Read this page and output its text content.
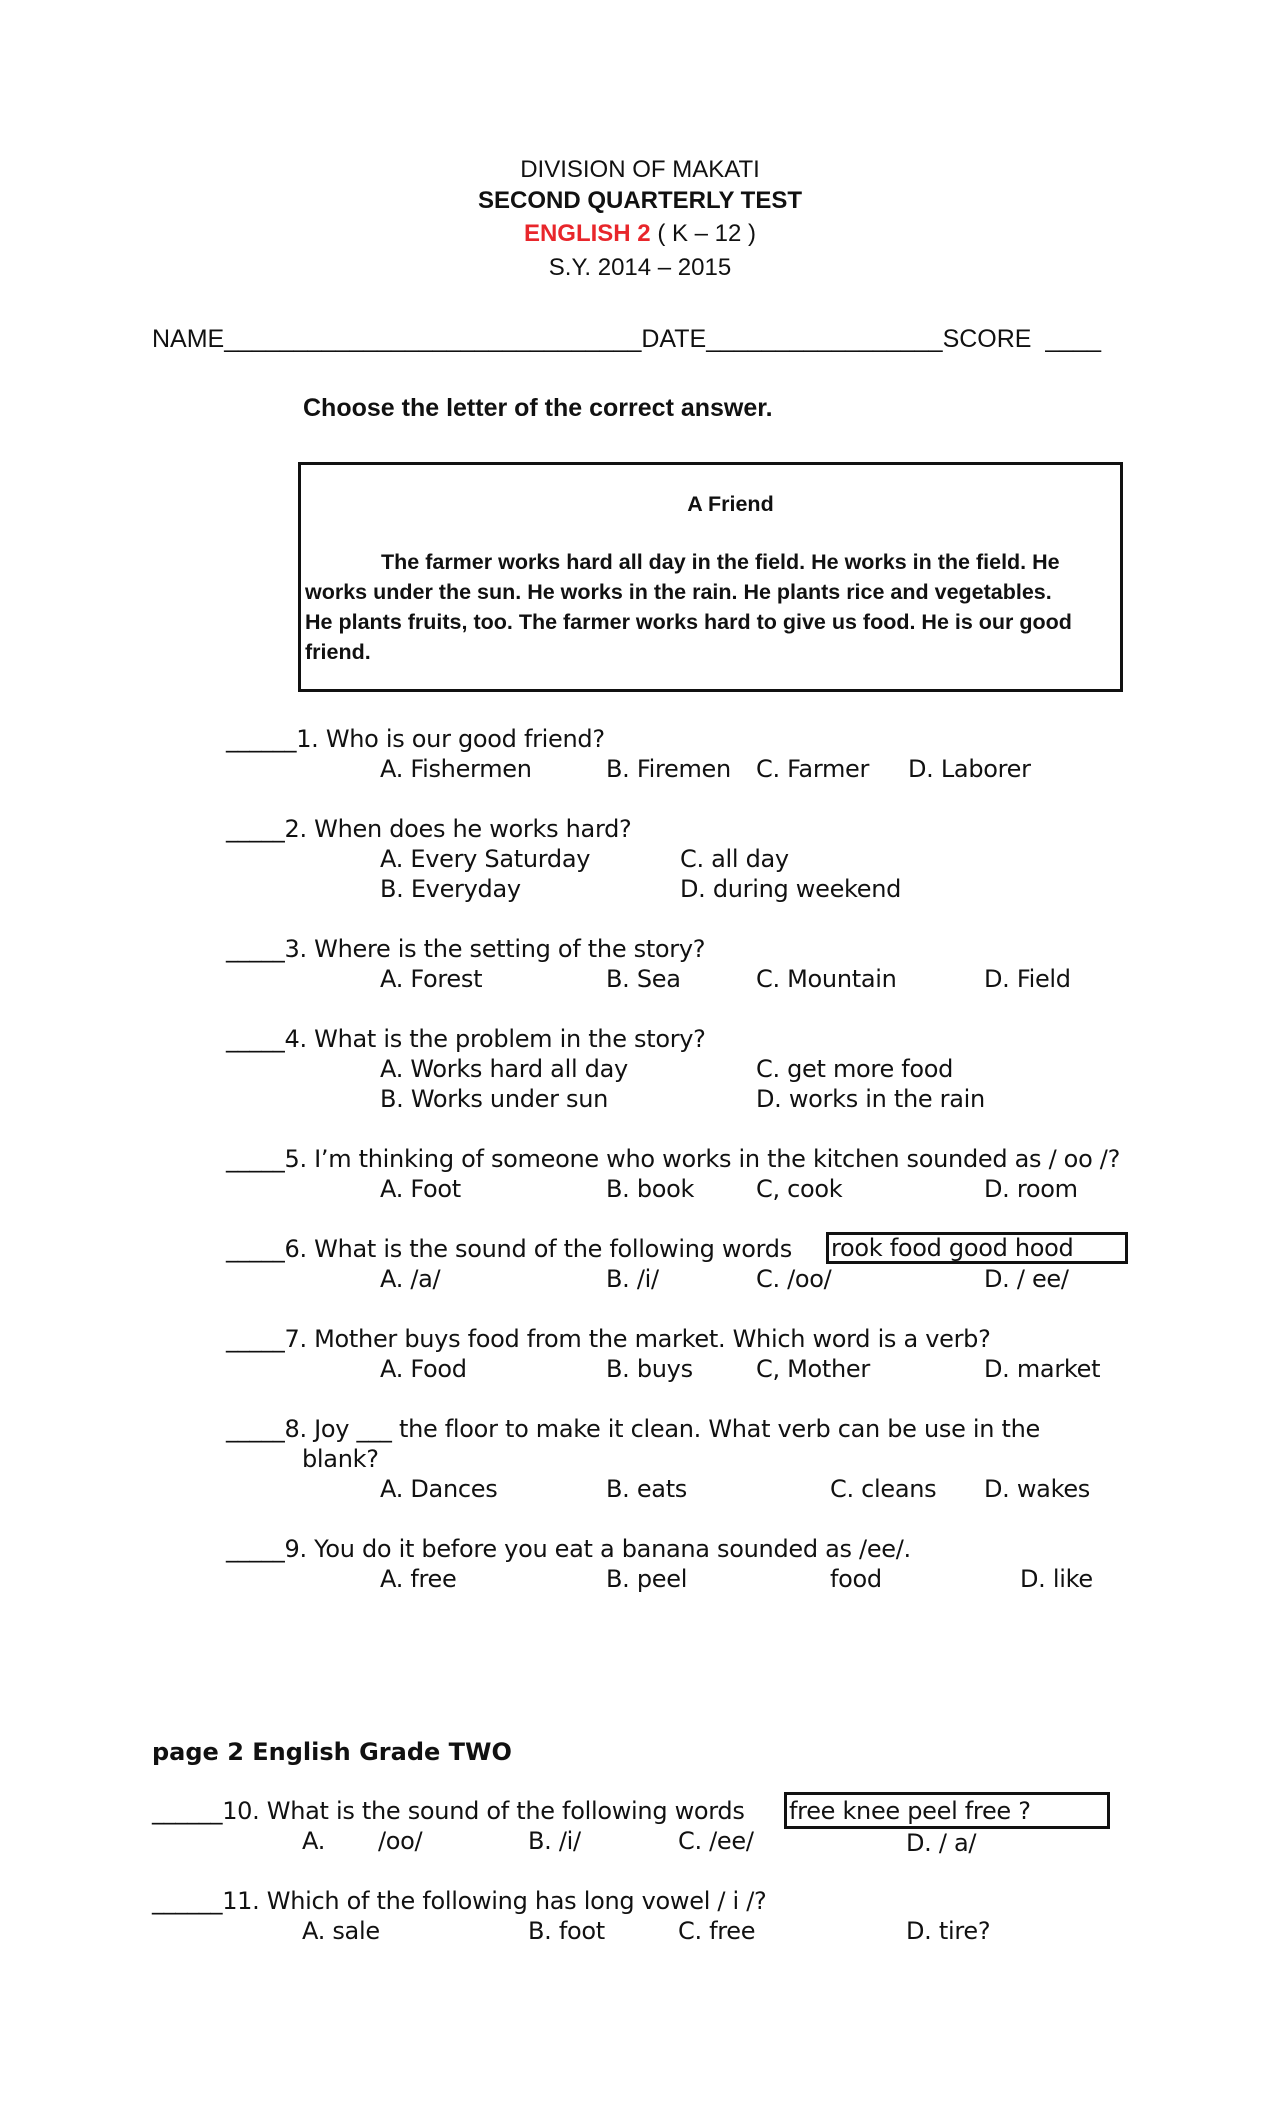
DIVISION OF MAKATI
SECOND QUARTERLY TEST
ENGLISH 2 ( K – 12 )
S.Y. 2014 – 2015
NAME______________________________DATE_________________SCORE ____
Choose the letter of the correct answer.
A Friend
The farmer works hard all day in the field. He works in the field. He
works under the sun. He works in the rain. He plants rice and vegetables.
He plants fruits, too. The farmer works hard to give us food. He is our good
friend.
______1. Who is our good friend?
A. Fishermen	B. Firemen C. Farmer D. Laborer
_____2. When does he works hard?
A. Every Saturday	C. all day
B. Everyday	D. during weekend
_____3. Where is the setting of the story?
A. Forest	B. Sea	C. Mountain	D. Field
_____4. What is the problem in the story?
A. Works hard all day	C. get more food
B. Works under sun	D. works in the rain
_____5. I’m thinking of someone who works in the kitchen sounded as / oo /?
A. Foot	B. book	C, cook	D. room
_____6. What is the sound of the following words rook food good hood
A. /a/	B. /i/	C. /oo/	D. / ee/
_____7. Mother buys food from the market. Which word is a verb?
A. Food	B. buys	C, Mother	D. market
_____8. Joy ___ the floor to make it clean. What verb can be use in the
blank?
A. Dances	B. eats	C. cleans D. wakes
_____9. You do it before you eat a banana sounded as /ee/.
A. free	B. peel	food	D. like
page 2 English Grade TWO
______10. What is the sound of the following words free knee peel free ?
A. /oo/	B. /i/	C. /ee/	D. / a/
______11. Which of the following has long vowel / i /?
A. sale	B. foot	C. free	D. tire?
